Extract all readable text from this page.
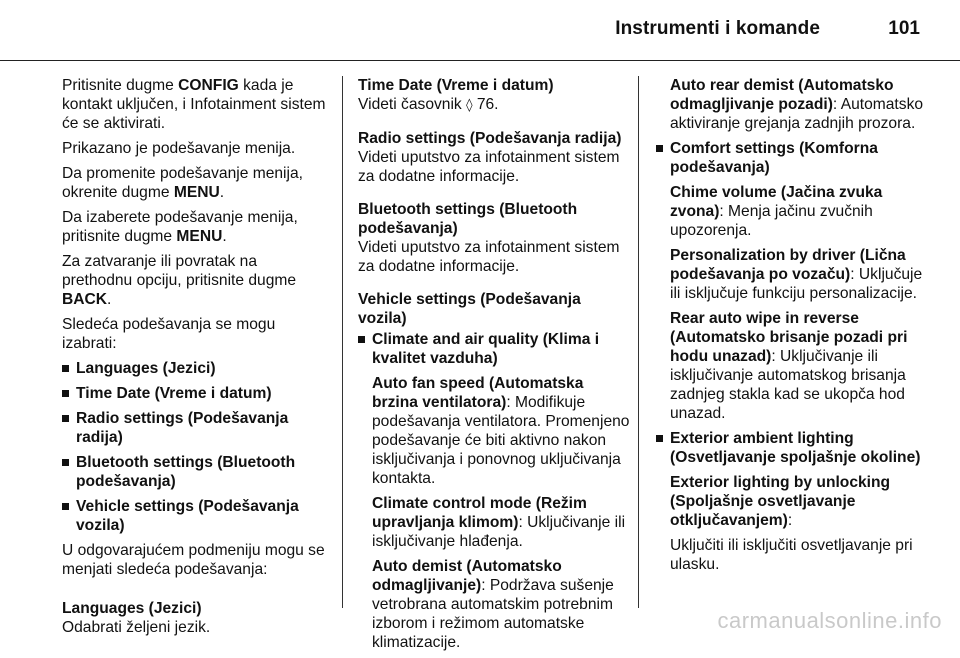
Instrumenti i komande	101

Pritisnite dugme CONFIG kada je kontakt uključen, i Infotainment sistem će se aktivirati.

Prikazano je podešavanje menija.

Da promenite podešavanje menija, okrenite dugme MENU.

Da izaberete podešavanje menija, pritisnite dugme MENU.

Za zatvaranje ili povratak na prethodnu opciju, pritisnite dugme BACK.

Sledeća podešavanja se mogu izabrati:

Languages (Jezici)
Time Date (Vreme i datum)
Radio settings (Podešavanja radija)
Bluetooth settings (Bluetooth podešavanja)
Vehicle settings (Podešavanja vozila)

U odgovarajućem podmeniju mogu se menjati sledeća podešavanja:

Languages (Jezici)
Odabrati željeni jezik.
Time Date (Vreme i datum)
Videti časovnik ◊ 76.
Radio settings (Podešavanja radija)
Videti uputstvo za infotainment sistem za dodatne informacije.
Bluetooth settings (Bluetooth podešavanja)
Videti uputstvo za infotainment sistem za dodatne informacije.
Vehicle settings (Podešavanja vozila)
Climate and air quality (Klima i kvalitet vazduha)
Auto fan speed (Automatska brzina ventilatora): Modifikuje podešavanja ventilatora. Promenjeno podešavanje će biti aktivno nakon isključivanja i ponovnog uključivanja kontakta.
Climate control mode (Režim upravljanja klimom): Uključivanje ili isključivanje hlađenja.
Auto demist (Automatsko odmagljivanje): Podržava sušenje vetrobrana automatskim potrebnim izborom i režimom automatske klimatizacije.
Auto rear demist (Automatsko odmagljivanje pozadi): Automatsko aktiviranje grejanja zadnjih prozora.
Comfort settings (Komforna podešavanja)
Chime volume (Jačina zvuka zvona): Menja jačinu zvučnih upozorenja.
Personalization by driver (Lična podešavanja po vozaču): Uključuje ili isključuje funkciju personalizacije.
Rear auto wipe in reverse (Automatsko brisanje pozadi pri hodu unazad): Uključivanje ili isključivanje automatskog brisanja zadnjeg stakla kad se ukopča hod unazad.
Exterior ambient lighting (Osvetljavanje spoljašnje okoline)
Exterior lighting by unlocking (Spoljašnje osvetljavanje otključavanjem):
Uključiti ili isključiti osvetljavanje pri ulasku.
carmanualsonline.info
